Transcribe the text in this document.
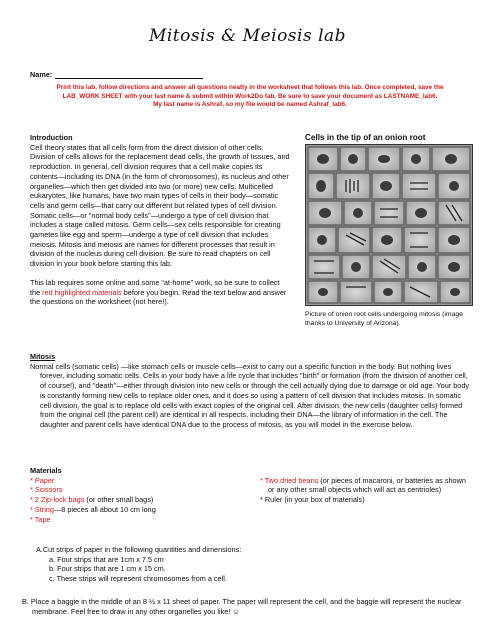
Mitosis & Meiosis lab
Name:
Print this lab, follow directions and answer all questions neatly in the worksheet that follows this lab. Once completed, save the
LAB_WORK SHEET with your last name & submit within Work2Do tab. Be sure to save your document as LASTNAME_lab6.
My last name is Ashraf, so my file would be named Ashraf_lab6.
Introduction

Cell theory states that all cells form from the direct division of other cells. Division of cells allows for the replacement dead cells, the growth of tissues, and reproduction. In general, cell division requires that a cell make copies its contents—including its DNA (in the form of chromosomes), its nucleus and other organelles—which then get divided into two (or more) new cells. Multicelled eukaryotes, like humans, have two main types of cells in their body—somatic cells and germ cells—that carry out different but related types of cell division. Somatic cells—or "normal body cells"—undergo a type of cell division that includes a stage called mitosis. Germ cells—sex cells responsible for creating gametes like egg and sperm—undergo a type of cell division that includes meiosis. Mitosis and meiosis are names for different processes that result in division of the nucleus during cell division. Be sure to read chapters on cell division in your book before starting this lab.

This lab requires some online and some “at-home” work, so be sure to collect the red highlighted materials before you begin. Read the text below and answer the questions on the worksheet (not here!).

Cells in the tip of an onion root
Picture of onion root cells undergoing mitosis (image thanks to University of Arizona).
Mitosis

Normal cells (somatic cells) —like stomach cells or muscle cells—exist to carry out a specific function in the body. But nothing lives forever, including somatic cells. Cells in your body have a life cycle that includes "birth" or formation (from the division of another cell, of course!), and "death"—either through division into new cells or through the cell actually dying due to damage or old age. Your body is constantly forming new cells to replace older ones, and it does so using a pattern of cell division that includes mitosis. In somatic cell division, the goal is to replace old cells with exact copies of the original cell. After division, the new cells (daughter cells) formed from the original cell (the parent cell) are identical in all respects, including their DNA—the library of information in the cell. The daughter and parent cells have identical DNA due to the process of mitosis, as you will model in the exercise below.

Materials
* Paper
* Scissors
* 2 Zip-lock bags (or other small bags)
* String—8 pieces all about 10 cm long
* Tape
* Two dried beans (or pieces of macaroni, or batteries as shown or any other small objects which will act as centrioles)
* Ruler (in your box of materials)
A.Cut strips of paper in the following quantities and dimensions:
a. Four strips that are 1cm x 7.5 cm
b. Four strips that are 1 cm x 15 cm.
c. These strips will represent chromosomes from a cell.
B. Place a baggie in the middle of an 8 ½ x 11 sheet of paper. The paper will represent the cell, and the baggie will represent the nuclear membrane. Feel free to draw in any other organelles you like! ☺
